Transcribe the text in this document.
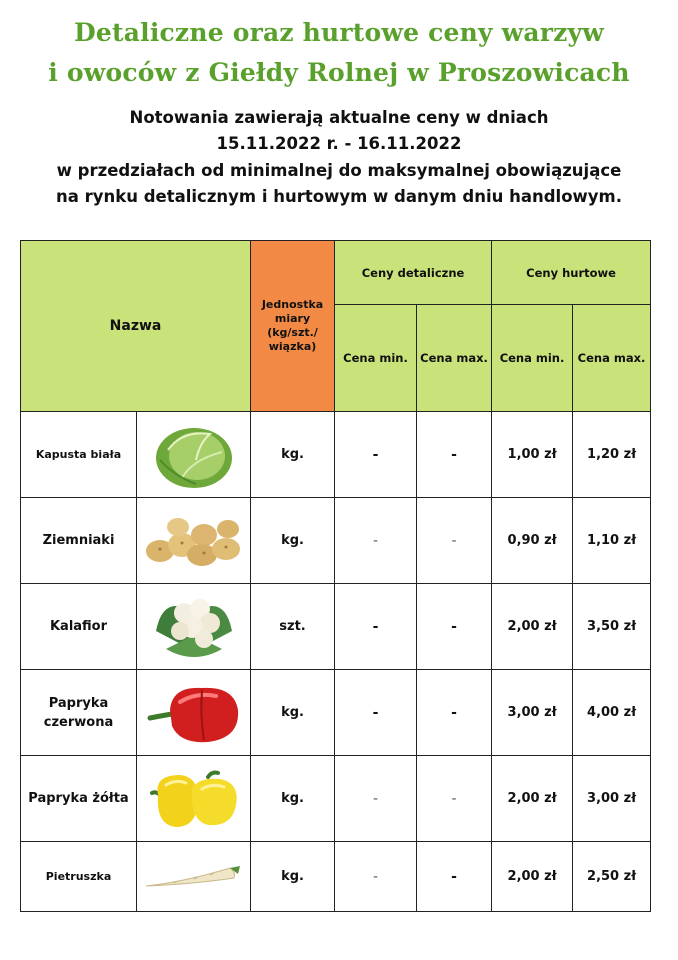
Detaliczne oraz hurtowe ceny warzyw
i owoców z Giełdy Rolnej w Proszowicach
Notowania zawierają aktualne ceny w dniach
15.11.2022 r. - 16.11.2022
w przedziałach od minimalnej do maksymalnej obowiązujące
na rynku detalicznym i hurtowym w danym dniu handlowym.
Nazwa		Jednostka miary (kg/szt./ wiązka)	Ceny detaliczne		Ceny hurtowe	
			Cena min.	Cena max.	Cena min.	Cena max.
Kapusta biała		kg.	-	-	1,00 zł	1,20 zł
Ziemniaki		kg.	-	-	0,90 zł	1,10 zł
Kalafior		szt.	-	-	2,00 zł	3,50 zł
Papryka czerwona		kg.	-	-	3,00 zł	4,00 zł
Papryka żółta		kg.	-	-	2,00 zł	3,00 zł
Pietruszka		kg.	-	-	2,00 zł	2,50 zł
